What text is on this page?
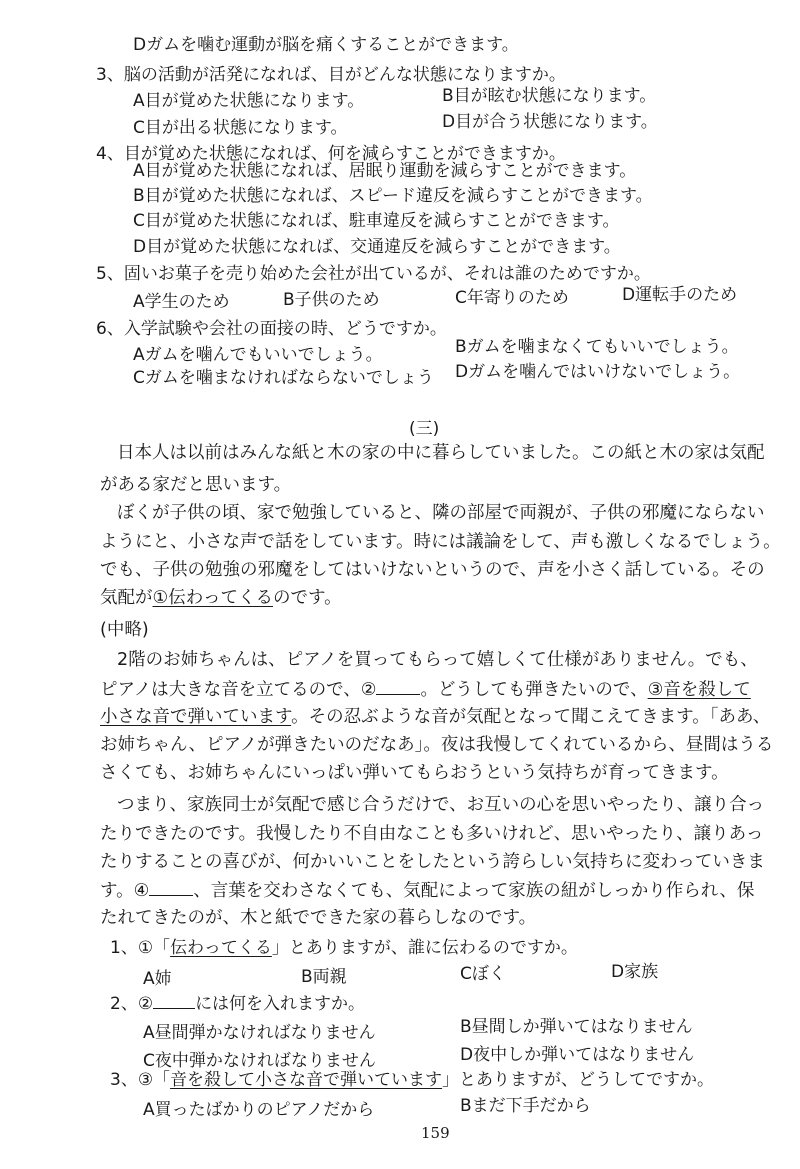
Dガムを噛む運動が脳を痛くすることができます。
3、脳の活動が活発になれば、目がどんな状態になりますか。
A目が覚めた状態になります。	B目が眩む状態になります。
C目が出る状態になります。	D目が合う状態になります。
4、目が覚めた状態になれば、何を減らすことができますか。
A目が覚めた状態になれば、居眠り運動を減らすことができます。
B目が覚めた状態になれば、スピード違反を減らすことができます。
C目が覚めた状態になれば、駐車違反を減らすことができます。
D目が覚めた状態になれば、交通違反を減らすことができます。
5、固いお菓子を売り始めた会社が出ているが、それは誰のためですか。
A学生のため	B子供のため	C年寄りのため	D運転手のため
6、入学試験や会社の面接の時、どうですか。
Aガムを噛んでもいいでしょう。	Bガムを噛まなくてもいいでしょう。
Cガムを噛まなければならないでしょう Dガムを噛んではいけないでしょう。
(三)
日本人は以前はみんな紙と木の家の中に暮らしていました。この紙と木の家は気配
がある家だと思います。
ぼくが子供の頃、家で勉強していると、隣の部屋で両親が、子供の邪魔にならない
ようにと、小さな声で話をしています。時には議論をして、声も激しくなるでしょう。
でも、子供の勉強の邪魔をしてはいけないというので、声を小さく話している。その
気配が①伝わってくるのです。
(中略)
2階のお姉ちゃんは、ピアノを買ってもらって嬉しくて仕様がありません。でも、
ピアノは大きな音を立てるので、②	。どうしても弾きたいので、③音を殺して
小さな音で弾いています。その忍ぶような音が気配となって聞こえてきます。「ああ、
お姉ちゃん、ピアノが弾きたいのだなあ」。夜は我慢してくれているから、昼間はうる
さくても、お姉ちゃんにいっぱい弾いてもらおうという気持ちが育ってきます。
つまり、家族同士が気配で感じ合うだけで、お互いの心を思いやったり、譲り合っ
たりできたのです。我慢したり不自由なことも多いけれど、思いやったり、譲りあっ
たりすることの喜びが、何かいいことをしたという誇らしい気持ちに変わっていきま
す。④	、言葉を交わさなくても、気配によって家族の紐がしっかり作られ、保
たれてきたのが、木と紙でできた家の暮らしなのです。
1、①「伝わってくる」とありますが、誰に伝わるのですか。
A姉	B両親	Cぼく	D家族
2、② には何を入れますか。
A昼間弾かなければなりません	B昼間しか弾いてはなりません
C夜中弾かなければなりません	D夜中しか弾いてはなりません
3、③「音を殺して小さな音で弾いています」とありますが、どうしてですか。
A買ったばかりのピアノだから	Bまだ下手だから
159
